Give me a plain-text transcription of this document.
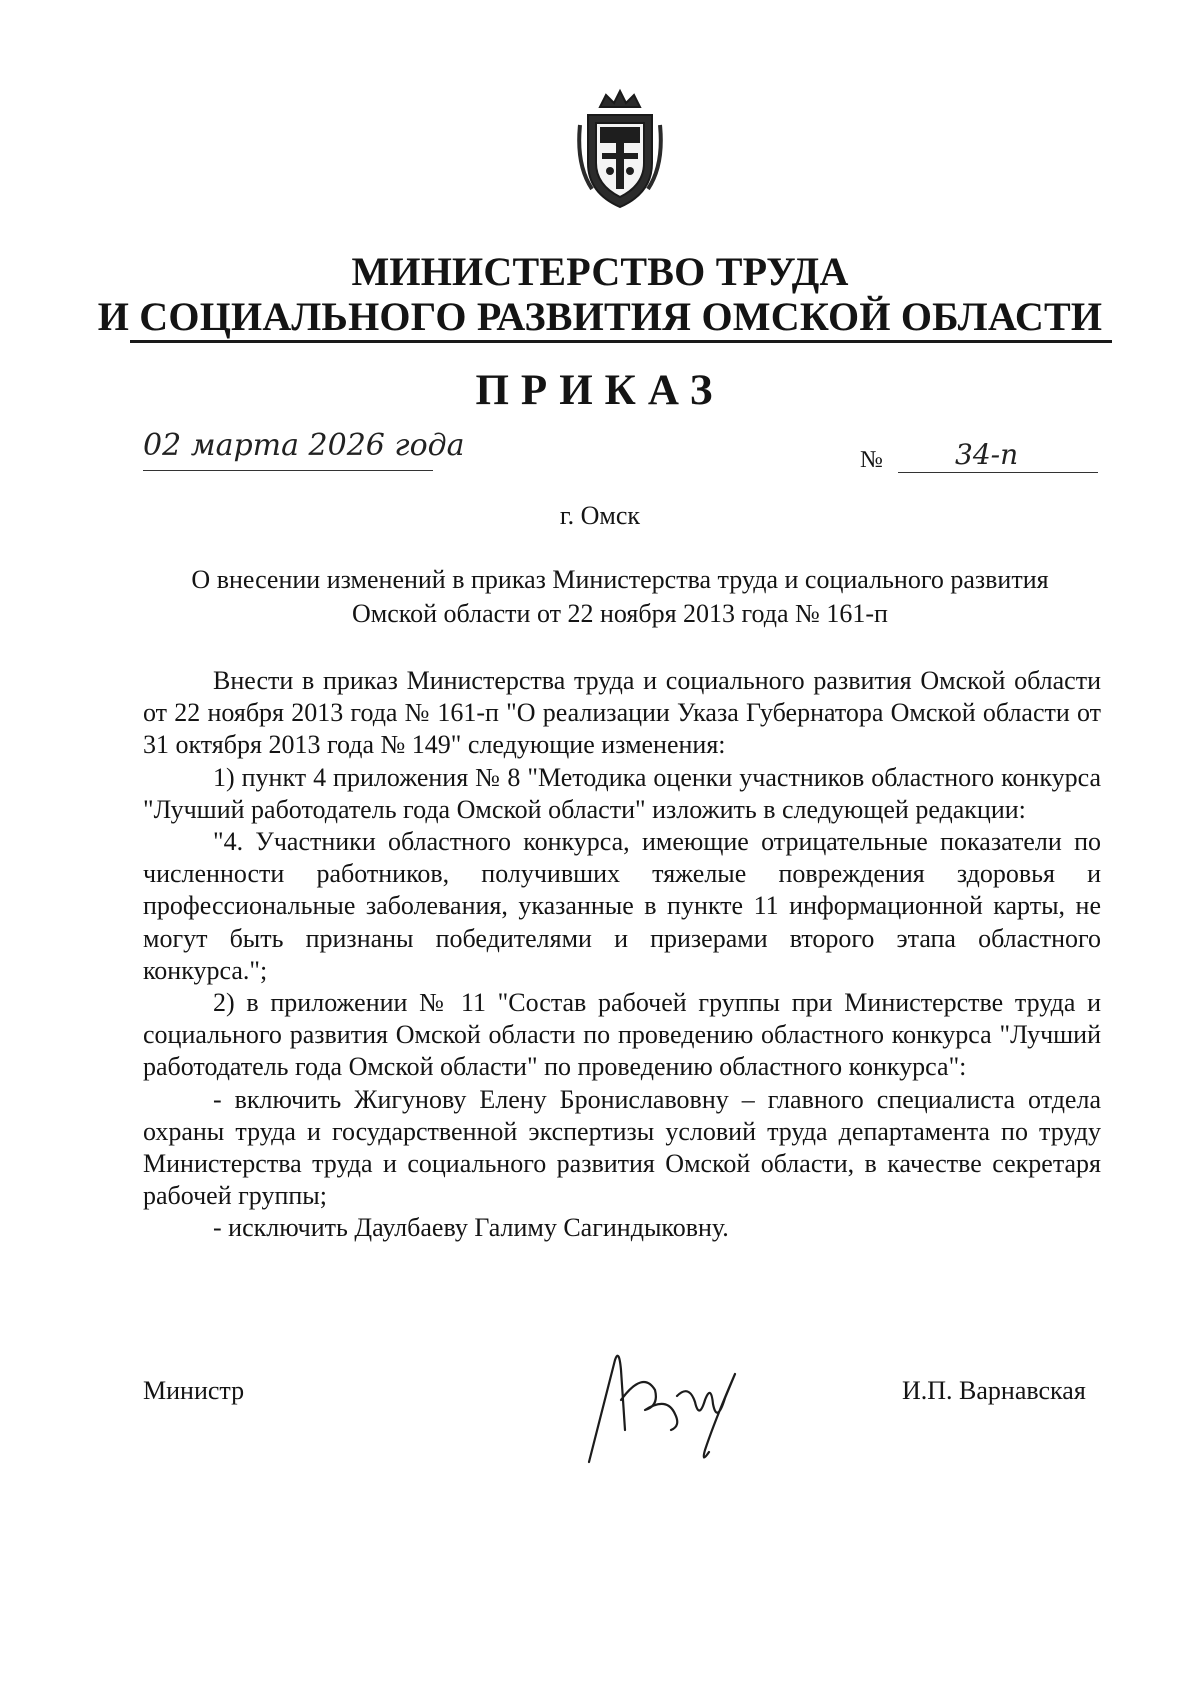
МИНИСТЕРСТВО ТРУДА
И СОЦИАЛЬНОГО РАЗВИТИЯ ОМСКОЙ ОБЛАСТИ
ПРИКАЗ
02 марта 2026 года	№	34-п
г. Омск
О внесении изменений в приказ Министерства труда и социального развития
Омской области от 22 ноября 2013 года № 161-п

Внести в приказ Министерства труда и социального развития Омской области от 22 ноября 2013 года № 161-п "О реализации Указа Губернатора Омской области от 31 октября 2013 года № 149" следующие изменения:

1) пункт 4 приложения № 8 "Методика оценки участников областного конкурса "Лучший работодатель года Омской области" изложить в следующей редакции:

"4. Участники областного конкурса, имеющие отрицательные показатели по численности работников, получивших тяжелые повреждения здоровья и профессиональные заболевания, указанные в пункте 11 информационной карты, не могут быть признаны победителями и призерами второго этапа областного конкурса.";

2) в приложении № 11 "Состав рабочей группы при Министерстве труда и социального развития Омской области по проведению областного конкурса "Лучший работодатель года Омской области" по проведению областного конкурса":

- включить Жигунову Елену Брониславовну – главного специалиста отдела охраны труда и государственной экспертизы условий труда департамента по труду Министерства труда и социального развития Омской области, в качестве секретаря рабочей группы;

- исключить Даулбаеву Галиму Сагиндыковну.

Министр	И.П. Варнавская
